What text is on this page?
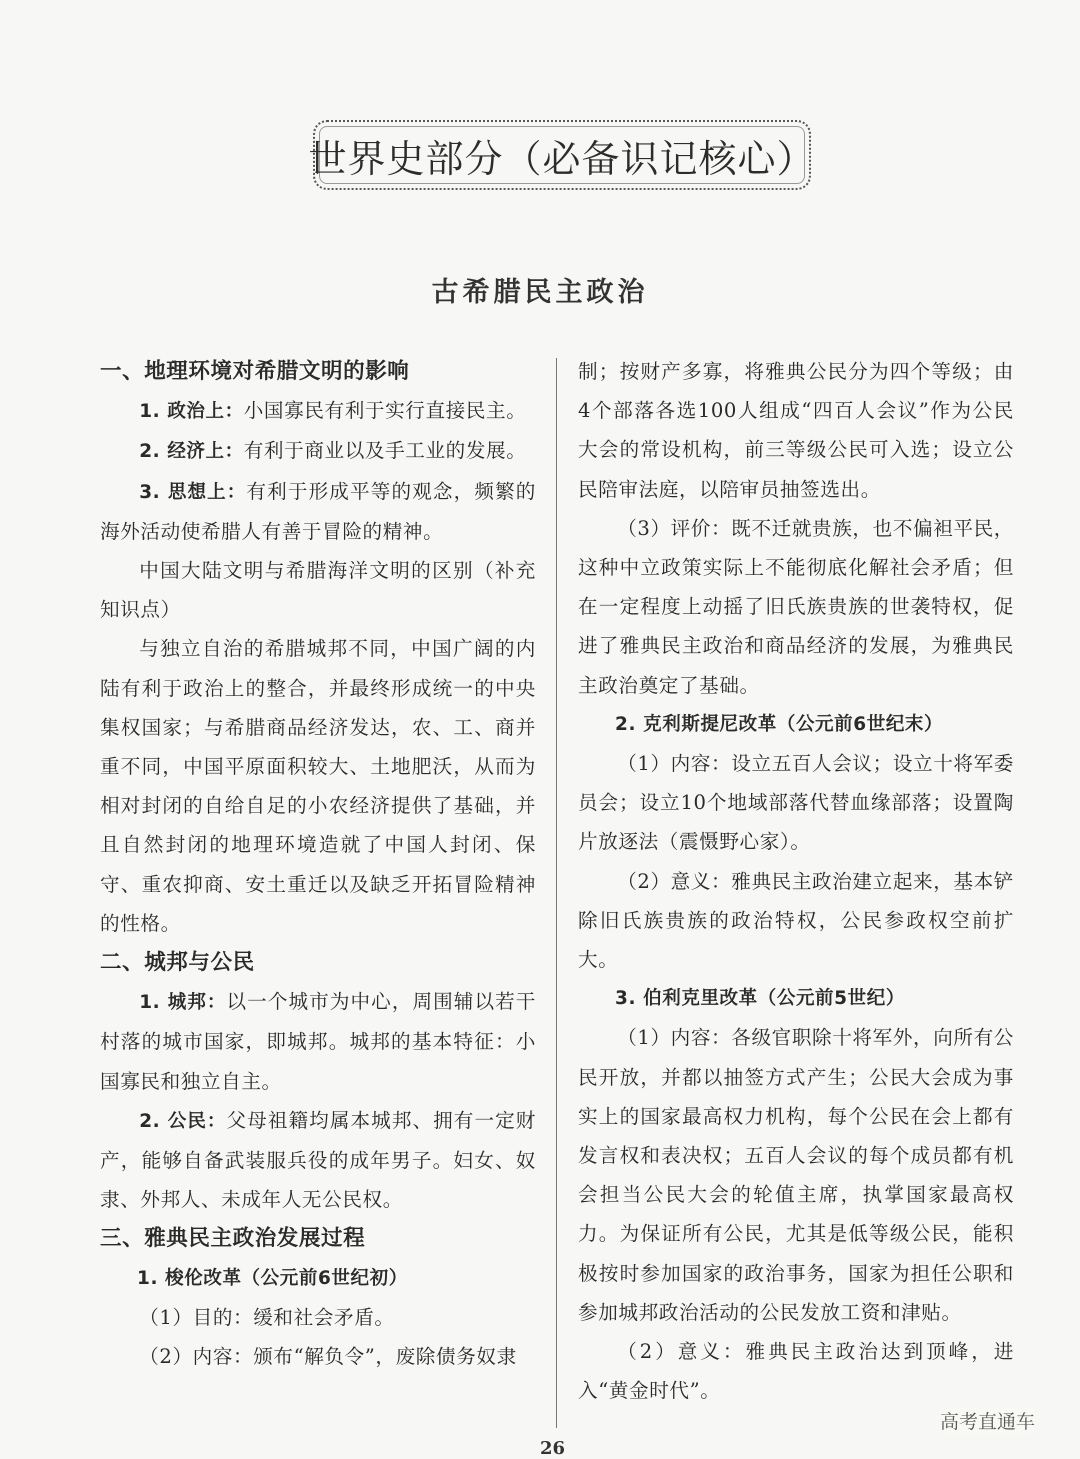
世界史部分（必备识记核心）
古希腊民主政治

一、地理环境对希腊文明的影响

1. 政治上：小国寡民有利于实行直接民主。

2. 经济上：有利于商业以及手工业的发展。

3. 思想上：有利于形成平等的观念，频繁的海外活动使希腊人有善于冒险的精神。

中国大陆文明与希腊海洋文明的区别（补充知识点）

与独立自治的希腊城邦不同，中国广阔的内陆有利于政治上的整合，并最终形成统一的中央集权国家；与希腊商品经济发达，农、工、商并重不同，中国平原面积较大、土地肥沃，从而为相对封闭的自给自足的小农经济提供了基础，并且自然封闭的地理环境造就了中国人封闭、保守、重农抑商、安土重迁以及缺乏开拓冒险精神的性格。

二、城邦与公民

1. 城邦：以一个城市为中心，周围辅以若干村落的城市国家，即城邦。城邦的基本特征：小国寡民和独立自主。

2. 公民：父母祖籍均属本城邦、拥有一定财产，能够自备武装服兵役的成年男子。妇女、奴隶、外邦人、未成年人无公民权。

三、雅典民主政治发展过程

1. 梭伦改革（公元前6世纪初）

（1）目的：缓和社会矛盾。

（2）内容：颁布“解负令”，废除债务奴隶

制；按财产多寡，将雅典公民分为四个等级；由4个部落各选100人组成“四百人会议”作为公民大会的常设机构，前三等级公民可入选；设立公民陪审法庭，以陪审员抽签选出。

（3）评价：既不迁就贵族，也不偏袒平民，这种中立政策实际上不能彻底化解社会矛盾；但在一定程度上动摇了旧氏族贵族的世袭特权，促进了雅典民主政治和商品经济的发展，为雅典民主政治奠定了基础。

2. 克利斯提尼改革（公元前6世纪末）

（1）内容：设立五百人会议；设立十将军委员会；设立10个地域部落代替血缘部落；设置陶片放逐法（震慑野心家）。

（2）意义：雅典民主政治建立起来，基本铲除旧氏族贵族的政治特权，公民参政权空前扩大。

3. 伯利克里改革（公元前5世纪）

（1）内容：各级官职除十将军外，向所有公民开放，并都以抽签方式产生；公民大会成为事实上的国家最高权力机构，每个公民在会上都有发言权和表决权；五百人会议的每个成员都有机会担当公民大会的轮值主席，执掌国家最高权力。为保证所有公民，尤其是低等级公民，能积极按时参加国家的政治事务，国家为担任公职和参加城邦政治活动的公民发放工资和津贴。

（2）意义：雅典民主政治达到顶峰，进入“黄金时代”。

高考直通车
26
